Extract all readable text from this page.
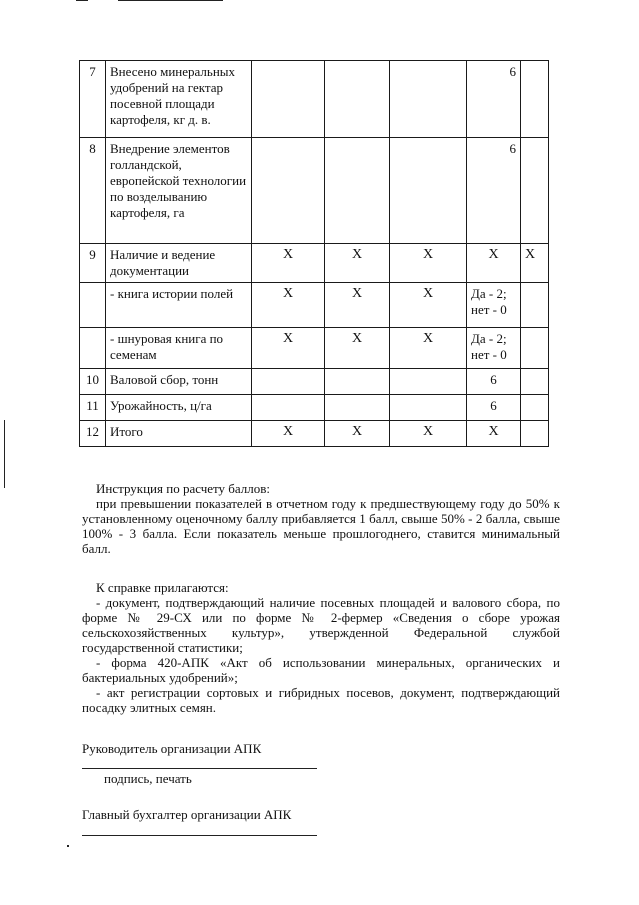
7	Внесено минеральных удобрений на гектар посевной площади картофеля, кг д. в.				6	
8	Внедрение элементов голландской, европейской технологии по возделыванию картофеля, га				6	
9	Наличие и ведение документации	Х	Х	Х	Х	Х
	- книга истории полей	Х	Х	Х	Да - 2; нет - 0	
	- шнуровая книга по семенам	Х	Х	Х	Да - 2; нет - 0	
10	Валовой сбор, тонн				6	
11	Урожайность, ц/га				6	
12	Итого	Х	Х	Х	Х	

Инструкция по расчету баллов:

при превышении показателей в отчетном году к предшествующему году до 50% к установленному оценочному баллу прибавляется 1 балл, свыше 50% - 2 балла, свыше 100% - 3 балла. Если показатель меньше прошлогоднего, ставится минимальный балл.

К справке прилагаются:

- документ, подтверждающий наличие посевных площадей и валового сбора, по форме № 29-СХ или по форме № 2-фермер «Сведения о сборе урожая сельскохозяйственных культур», утвержденной Федеральной службой государственной статистики;

- форма 420-АПК «Акт об использовании минеральных, органических и бактериальных удобрений»;

- акт регистрации сортовых и гибридных посевов, документ, подтверждающий посадку элитных семян.

Руководитель организации АПК
подпись, печать
Главный бухгалтер организации АПК
